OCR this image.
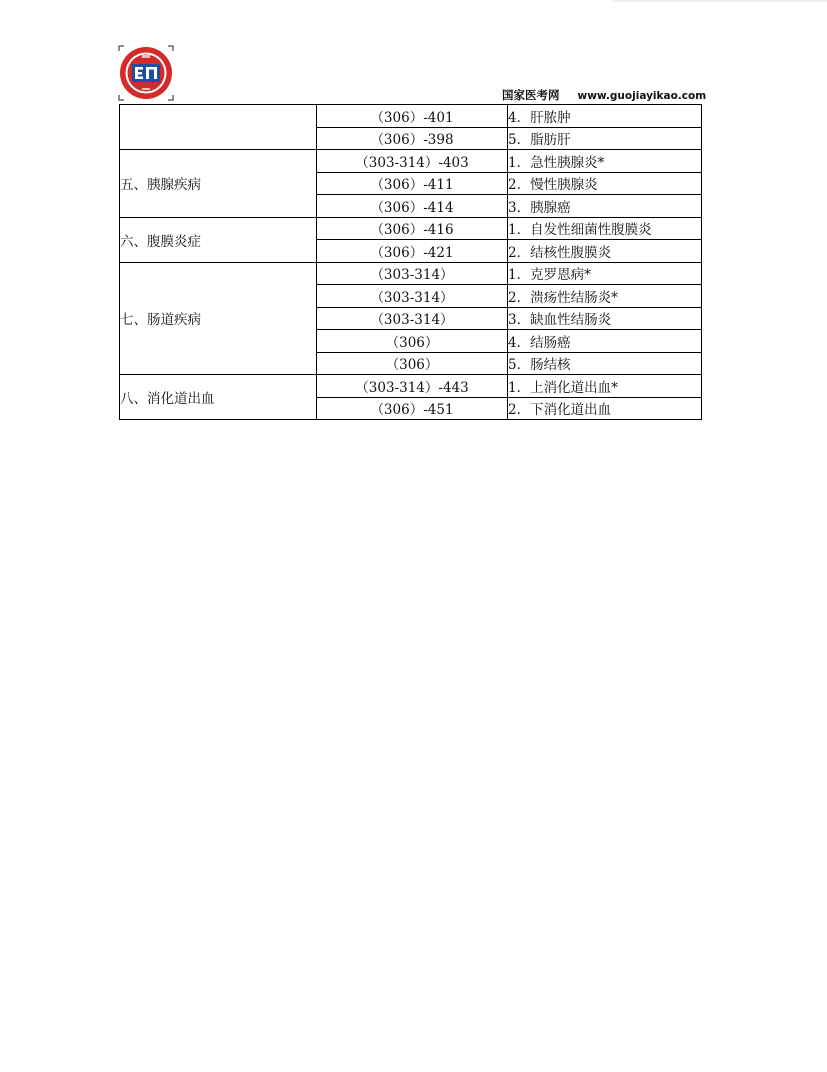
国家医考网 www.guojiayikao.com
	（306）-401	4．肝脓肿
	（306）-398	5．脂肪肝
五、胰腺疾病	（303-314）-403	1．急性胰腺炎*
	（306）-411	2．慢性胰腺炎
	（306）-414	3．胰腺癌
六、腹膜炎症	（306）-416	1．自发性细菌性腹膜炎
	（306）-421	2．结核性腹膜炎
七、肠道疾病	（303-314）	1．克罗恩病*
	（303-314）	2．溃疡性结肠炎*
	（303-314）	3．缺血性结肠炎
	（306）	4．结肠癌
	（306）	5．肠结核
八、消化道出血	（303-314）-443	1．上消化道出血*
	（306）-451	2．下消化道出血
